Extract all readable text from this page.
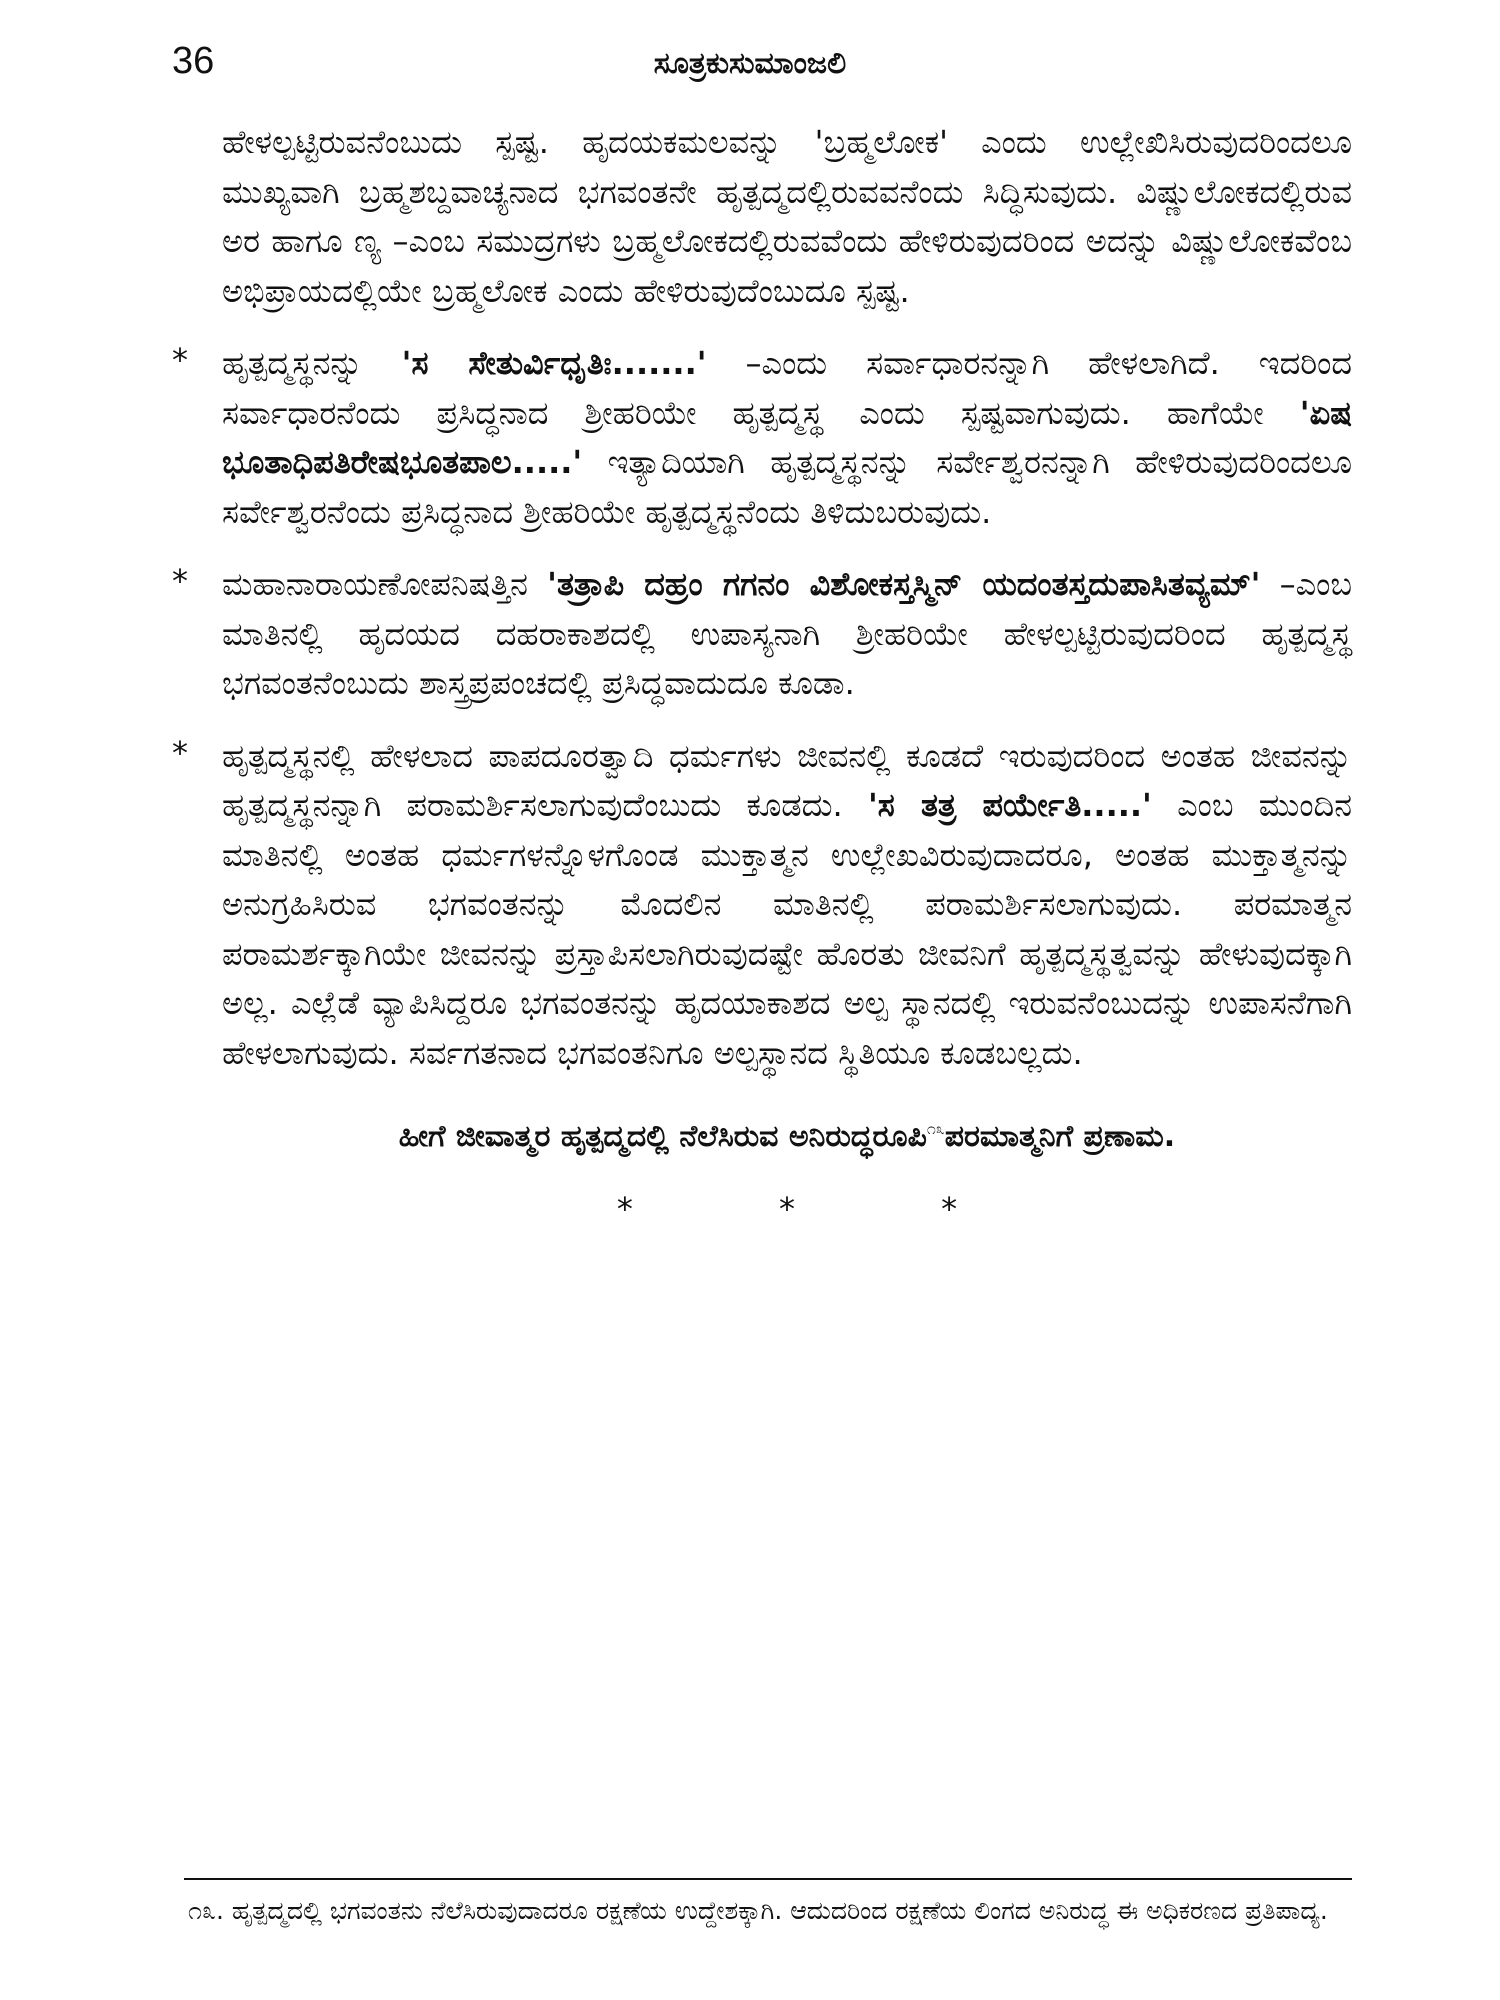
36	ಸೂತ್ರಕುಸುಮಾಂಜಲಿ

ಹೇಳಲ್ಪಟ್ಟಿರುವನೆಂಬುದು ಸ್ಪಷ್ಟ. ಹೃದಯಕಮಲವನ್ನು 'ಬ್ರಹ್ಮಲೋಕ' ಎಂದು ಉಲ್ಲೇಖಿಸಿರುವುದರಿಂದಲೂ ಮುಖ್ಯವಾಗಿ ಬ್ರಹ್ಮಶಬ್ದವಾಚ್ಯನಾದ ಭಗವಂತನೇ ಹೃತ್ಪದ್ಮದಲ್ಲಿರುವವನೆಂದು ಸಿದ್ಧಿಸುವುದು. ವಿಷ್ಣುಲೋಕದಲ್ಲಿರುವ ಅರ ಹಾಗೂ ಣ್ಯ –ಎಂಬ ಸಮುದ್ರಗಳು ಬ್ರಹ್ಮಲೋಕದಲ್ಲಿರುವವೆಂದು ಹೇಳಿರುವುದರಿಂದ ಅದನ್ನು ವಿಷ್ಣುಲೋಕವೆಂಬ ಅಭಿಪ್ರಾಯದಲ್ಲಿಯೇ ಬ್ರಹ್ಮಲೋಕ ಎಂದು ಹೇಳಿರುವುದೆಂಬುದೂ ಸ್ಪಷ್ಟ.

* ಹೃತ್ಪದ್ಮಸ್ಥನನ್ನು 'ಸ ಸೇತುರ್ವಿಧೃತಿಃ.......' –ಎಂದು ಸರ್ವಾಧಾರನನ್ನಾಗಿ ಹೇಳಲಾಗಿದೆ. ಇದರಿಂದ ಸರ್ವಾಧಾರನೆಂದು ಪ್ರಸಿದ್ಧನಾದ ಶ್ರೀಹರಿಯೇ ಹೃತ್ಪದ್ಮಸ್ಥ ಎಂದು ಸ್ಪಷ್ಟವಾಗುವುದು. ಹಾಗೆಯೇ 'ಏಷ ಭೂತಾಧಿಪತಿರೇಷಭೂತಪಾಲ.....' ಇತ್ಯಾದಿಯಾಗಿ ಹೃತ್ಪದ್ಮಸ್ಥನನ್ನು ಸರ್ವೇಶ್ವರನನ್ನಾಗಿ ಹೇಳಿರುವುದರಿಂದಲೂ ಸರ್ವೇಶ್ವರನೆಂದು ಪ್ರಸಿದ್ಧನಾದ ಶ್ರೀಹರಿಯೇ ಹೃತ್ಪದ್ಮಸ್ಥನೆಂದು ತಿಳಿದುಬರುವುದು.

* ಮಹಾನಾರಾಯಣೋಪನಿಷತ್ತಿನ 'ತತ್ರಾಪಿ ದಹ್ರಂ ಗಗನಂ ವಿಶೋಕಸ್ತಸ್ಮಿನ್ ಯದಂತಸ್ತದುಪಾಸಿತವ್ಯಮ್' –ಎಂಬ ಮಾತಿನಲ್ಲಿ ಹೃದಯದ ದಹರಾಕಾಶದಲ್ಲಿ ಉಪಾಸ್ಯನಾಗಿ ಶ್ರೀಹರಿಯೇ ಹೇಳಲ್ಪಟ್ಟಿರುವುದರಿಂದ ಹೃತ್ಪದ್ಮಸ್ಥ ಭಗವಂತನೆಂಬುದು ಶಾಸ್ತ್ರಪ್ರಪಂಚದಲ್ಲಿ ಪ್ರಸಿದ್ಧವಾದುದೂ ಕೂಡಾ.

* ಹೃತ್ಪದ್ಮಸ್ಥನಲ್ಲಿ ಹೇಳಲಾದ ಪಾಪದೂರತ್ವಾದಿ ಧರ್ಮಗಳು ಜೀವನಲ್ಲಿ ಕೂಡದೆ ಇರುವುದರಿಂದ ಅಂತಹ ಜೀವನನ್ನು ಹೃತ್ಪದ್ಮಸ್ಥನನ್ನಾಗಿ ಪರಾಮರ್ಶಿಸಲಾಗುವುದೆಂಬುದು ಕೂಡದು. 'ಸ ತತ್ರ ಪರ್ಯೇತಿ.....' ಎಂಬ ಮುಂದಿನ ಮಾತಿನಲ್ಲಿ ಅಂತಹ ಧರ್ಮಗಳನ್ನೊಳಗೊಂಡ ಮುಕ್ತಾತ್ಮನ ಉಲ್ಲೇಖವಿರುವುದಾದರೂ, ಅಂತಹ ಮುಕ್ತಾತ್ಮನನ್ನು ಅನುಗ್ರಹಿಸಿರುವ ಭಗವಂತನನ್ನು ಮೊದಲಿನ ಮಾತಿನಲ್ಲಿ ಪರಾಮರ್ಶಿಸಲಾಗುವುದು. ಪರಮಾತ್ಮನ ಪರಾಮರ್ಶಕ್ಕಾಗಿಯೇ ಜೀವನನ್ನು ಪ್ರಸ್ತಾಪಿಸಲಾಗಿರುವುದಷ್ಟೇ ಹೊರತು ಜೀವನಿಗೆ ಹೃತ್ಪದ್ಮಸ್ಥತ್ವವನ್ನು ಹೇಳುವುದಕ್ಕಾಗಿ ಅಲ್ಲ. ಎಲ್ಲೆಡೆ ವ್ಯಾಪಿಸಿದ್ದರೂ ಭಗವಂತನನ್ನು ಹೃದಯಾಕಾಶದ ಅಲ್ಪ ಸ್ಥಾನದಲ್ಲಿ ಇರುವನೆಂಬುದನ್ನು ಉಪಾಸನೆಗಾಗಿ ಹೇಳಲಾಗುವುದು. ಸರ್ವಗತನಾದ ಭಗವಂತನಿಗೂ ಅಲ್ಪಸ್ಥಾನದ ಸ್ಥಿತಿಯೂ ಕೂಡಬಲ್ಲದು.

ಹೀಗೆ ಜೀವಾತ್ಮರ ಹೃತ್ಪದ್ಮದಲ್ಲಿ ನೆಲೆಸಿರುವ ಅನಿರುದ್ಧರೂಪಿ$^{೧೩}$ಪರಮಾತ್ಮನಿಗೆ ಪ್ರಣಾಮ.
* * *
೧೩. ಹೃತ್ಪದ್ಮದಲ್ಲಿ ಭಗವಂತನು ನೆಲೆಸಿರುವುದಾದರೂ ರಕ್ಷಣೆಯ ಉದ್ದೇಶಕ್ಕಾಗಿ. ಆದುದರಿಂದ ರಕ್ಷಣೆಯ ಲಿಂಗದ ಅನಿರುದ್ಧ ಈ ಅಧಿಕರಣದ ಪ್ರತಿಪಾದ್ಯ.
